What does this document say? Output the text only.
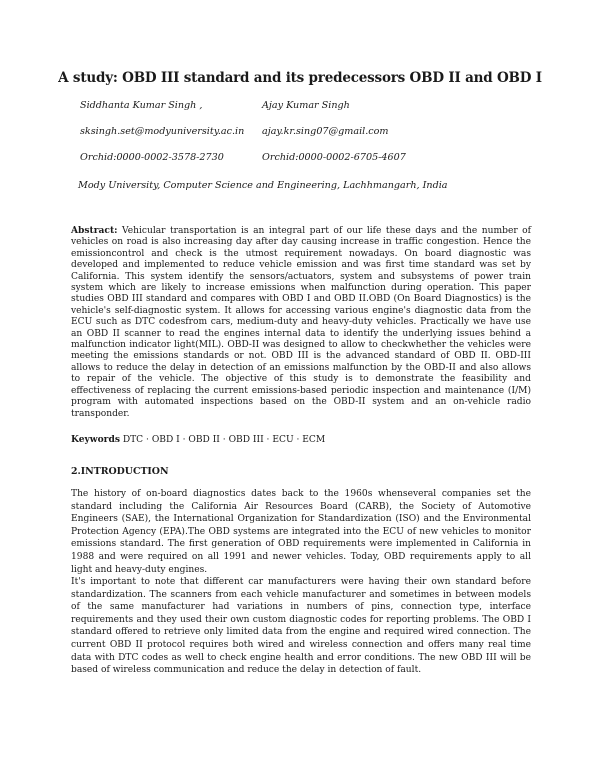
A study: OBD III standard and its predecessors OBD II and OBD I
Siddhanta Kumar Singh ,	Ajay Kumar Singh
sksingh.set@modyuniversity.ac.in ajay.kr.sing07@gmail.com
Orchid:0000-0002-3578-2730	Orchid:0000-0002-6705-4607
Mody University, Computer Science and Engineering, Lachhmangarh, India
Abstract: Vehicular transportation is an integral part of our life these days and the number of vehicles on road is also increasing day after day causing increase in traffic congestion. Hence the emissioncontrol and check is the utmost requirement nowadays. On board diagnostic was developed and implemented to reduce vehicle emission and was first time standard was set by California. This system identify the sensors/actuators, system and subsystems of power train system which are likely to increase emissions when malfunction during operation. This paper studies OBD III standard and compares with OBD I and OBD II.OBD (On Board Diagnostics) is the vehicle's self-diagnostic system. It allows for accessing various engine's diagnostic data from the ECU such as DTC codesfrom cars, medium-duty and heavy-duty vehicles. Practically we have use an OBD II scanner to read the engines internal data to identify the underlying issues behind a malfunction indicator light(MIL). OBD-II was designed to allow to checkwhether the vehicles were meeting the emissions standards or not. OBD III is the advanced standard of OBD II. OBD-III allows to reduce the delay in detection of an emissions malfunction by the OBD-II and also allows to repair of the vehicle. The objective of this study is to demonstrate the feasibility and effectiveness of replacing the current emissions-based periodic inspection and maintenance (I/M) program with automated inspections based on the OBD-II system and an on-vehicle radio transponder.
Keywords DTC · OBD I · OBD II · OBD III · ECU · ECM
2.INTRODUCTION

The history of on-board diagnostics dates back to the 1960s whenseveral companies set the standard including the California Air Resources Board (CARB), the Society of Automotive Engineers (SAE), the International Organization for Standardization (ISO) and the Environmental Protection Agency (EPA).The OBD systems are integrated into the ECU of new vehicles to monitor emissions standard. The first generation of OBD requirements were implemented in California in 1988 and were required on all 1991 and newer vehicles. Today, OBD requirements apply to all light and heavy-duty engines.

It's important to note that different car manufacturers were having their own standard before standardization. The scanners from each vehicle manufacturer and sometimes in between models of the same manufacturer had variations in numbers of pins, connection type, interface requirements and they used their own custom diagnostic codes for reporting problems. The OBD I standard offered to retrieve only limited data from the engine and required wired connection. The current OBD II protocol requires both wired and wireless connection and offers many real time data with DTC codes as well to check engine health and error conditions. The new OBD III will be based of wireless communication and reduce the delay in detection of fault.
